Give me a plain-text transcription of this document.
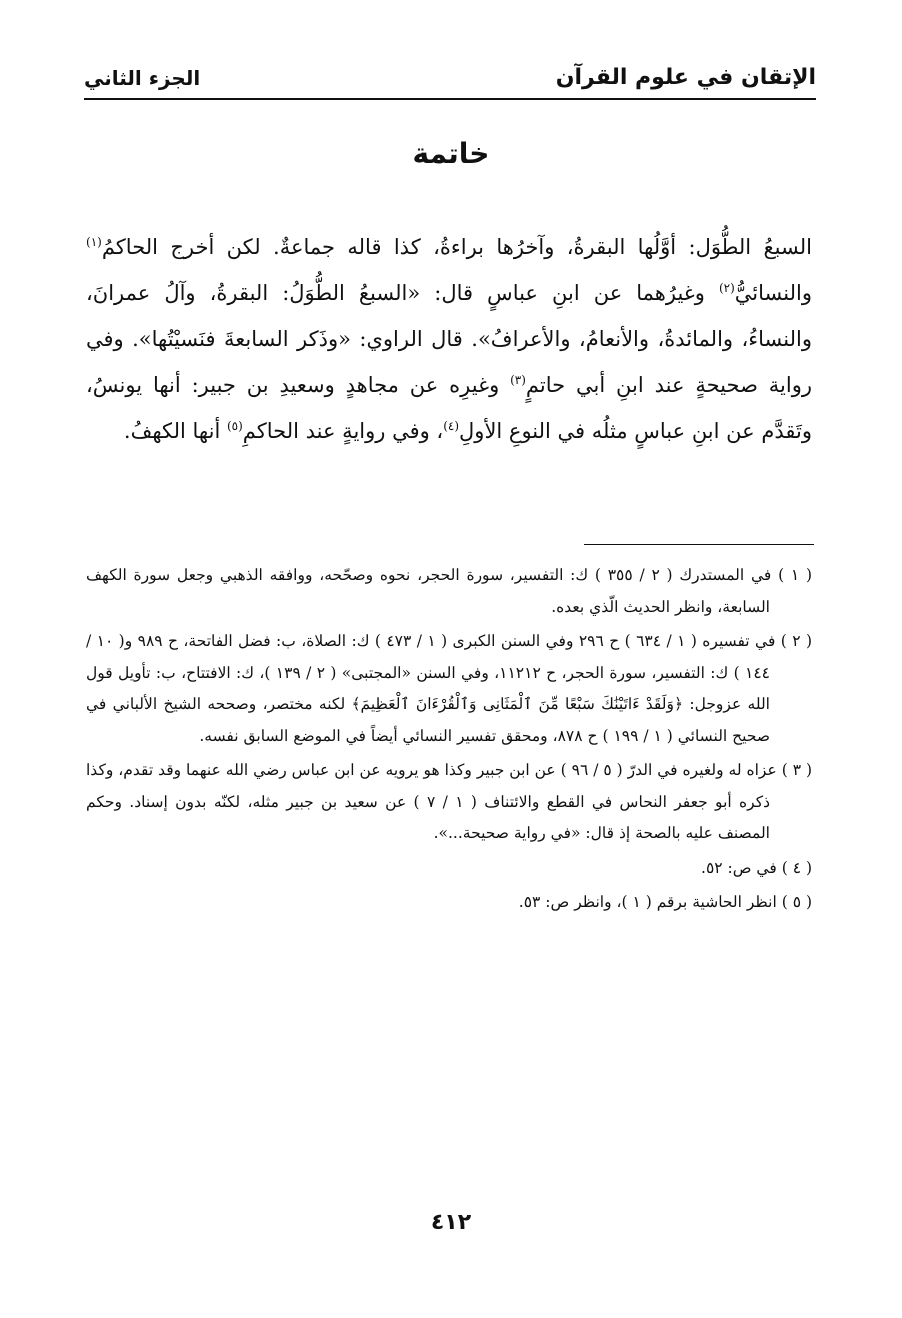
الإتقان في علوم القرآن
الجزء الثاني
خاتمة

السبعُ الطُّوَل: أوَّلُها البقرةُ، وآخرُها براءةُ، كذا قاله جماعةٌ. لكن أخرج الحاكمُ$^{(١)}$ والنسائيُّ$^{(٢)}$ وغيرُهما عن ابنِ عباسٍ قال: «السبعُ الطُّوَلُ: البقرةُ، وآلُ عمرانَ، والنساءُ، والمائدةُ، والأنعامُ، والأعرافُ». قال الراوي: «وذَكر السابعةَ فنَسيْتُها». وفي رواية صحيحةٍ عند ابنِ أبي حاتمٍ$^{(٣)}$ وغيرِه عن مجاهدٍ وسعيدِ بن جبير: أنها يونسُ، وتَقدَّم عن ابنِ عباسٍ مثلُه في النوعِ الأولِ$^{(٤)}$، وفي روايةٍ عند الحاكمِ$^{(٥)}$ أنها الكهفُ.

( ١ ) في المستدرك ( ٢ / ٣٥٥ ) ك: التفسير، سورة الحجر، نحوه وصحّحه، ووافقه الذهبي وجعل سورة الكهف السابعة، وانظر الحديث الّذي بعده.

( ٢ ) في تفسيره ( ١ / ٦٣٤ ) ح ٢٩٦ وفي السنن الكبرى ( ١ / ٤٧٣ ) ك: الصلاة، ب: فضل الفاتحة، ح ٩٨٩ و( ١٠ / ١٤٤ ) ك: التفسير، سورة الحجر، ح ١١٢١٢، وفي السنن «المجتبى» ( ٢ / ١٣٩ )، ك: الافتتاح، ب: تأويل قول الله عزوجل: ﴿وَلَقَدْ ءَاتَيْنَٰكَ سَبْعًا مِّنَ ٱلْمَثَانِى وَٱلْقُرْءَانَ ٱلْعَظِيمَ﴾ لكنه مختصر، وصححه الشيخ الألباني في صحيح النسائي ( ١ / ١٩٩ ) ح ٨٧٨، ومحقق تفسير النسائي أيضاً في الموضع السابق نفسه.

( ٣ ) عزاه له ولغيره في الدرّ ( ٥ / ٩٦ ) عن ابن جبير وكذا هو يرويه عن ابن عباس رضي الله عنهما وقد تقدم، وكذا ذكره أبو جعفر النحاس في القطع والائتناف ( ١ / ٧ ) عن سعيد بن جبير مثله، لكنّه بدون إسناد. وحكم المصنف عليه بالصحة إذ قال: «في رواية صحيحة...».

( ٤ ) في ص: ٥٢.

( ٥ ) انظر الحاشية برقم ( ١ )، وانظر ص: ٥٣.

٤١٢
